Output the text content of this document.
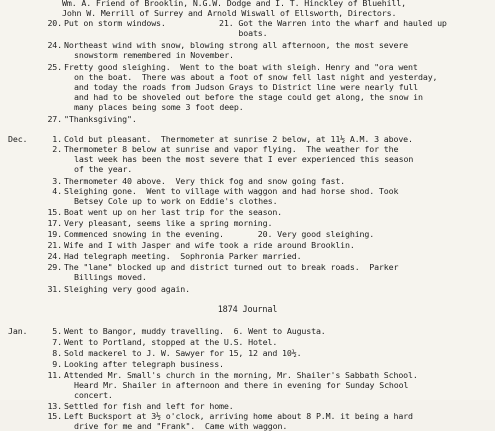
Wm. A. Friend of Brooklin, N.G.W. Dodge and I. T. Hinckley of Bluehill,
John W. Merrill of Surrey and Arnold Wiswall of Ellsworth, Directors.
20. Put on storm windows.           21. Got the Warren into the wharf and hauled up
boats.
24. Northeast wind with snow, blowing strong all afternoon, the most severe
snowstorm remembered in November.
25. Fretty good sleighing.  Went to the boat with sleigh. Henry and "ora went
on the boat.  There was about a foot of snow fell last night and yesterday,
and today the roads from Judson Grays to District line were nearly full
and had to be shoveled out before the stage could get along, the snow in
many places being some 3 foot deep.
27. "Thanksgiving".
Dec.	1. Cold but pleasant.  Thermometer at sunrise 2 below, at 11½ A.M. 3 above.
2. Thermometer 8 below at sunrise and vapor flying.  The weather for the
last week has been the most severe that I ever experienced this season
of the year.
3. Thermometer 40 above.  Very thick fog and snow going fast.
4. Sleighing gone.  Went to village with waggon and had horse shod. Took
Betsey Cole up to work on Eddie's clothes.
15. Boat went up on her last trip for the season.
17. Very pleasant, seems like a spring morning.
19. Commenced snowing in the evening.       20. Very good sleighing.
21. Wife and I with Jasper and wife took a ride around Brooklin.
24. Had telegraph meeting.  Sophronia Parker married.
29. The "lane" blocked up and district turned out to break roads.  Parker
Billings moved.
31. Sleighing very good again.
1874 Journal
Jan.	5. Went to Bangor, muddy travelling.  6. Went to Augusta.
7. Went to Portland, stopped at the U.S. Hotel.
8. Sold mackerel to J. W. Sawyer for 15, 12 and 10½.
9. Looking after telegraph business.
11. Attended Mr. Small's church in the morning, Mr. Shailer's Sabbath School.
Heard Mr. Shailer in afternoon and there in evening for Sunday School
concert.
13. Settled for fish and left for home.
15. Left Bucksport at 3½ o'clock, arriving home about 8 P.M. it being a hard
drive for me and "Frank".  Came with waggon.
